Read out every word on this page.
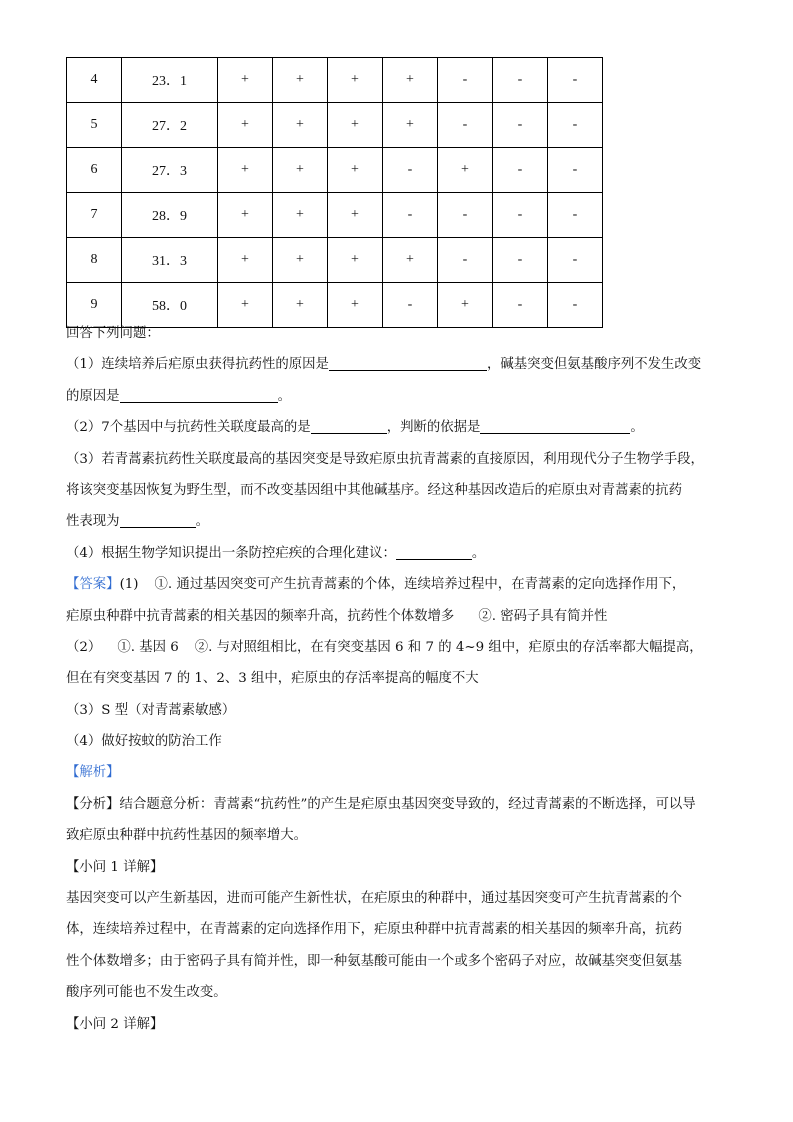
4	23．1	+	+	+	+	-	-	-
5	27．2	+	+	+	+	-	-	-
6	27．3	+	+	+	-	+	-	-
7	28．9	+	+	+	-	-	-	-
8	31．3	+	+	+	+	-	-	-
9	58．0	+	+	+	-	+	-	-
回答下列问题：
（1）连续培养后疟原虫获得抗药性的原因是	，碱基突变但氨基酸序列不发生改变
的原因是	。
（2）7个基因中与抗药性关联度最高的是	，判断的依据是	。
（3）若青蒿素抗药性关联度最高的基因突变是导致疟原虫抗青蒿素的直接原因，利用现代分子生物学手段，
将该突变基因恢复为野生型，而不改变基因组中其他碱基序。经这种基因改造后的疟原虫对青蒿素的抗药
性表现为	。
（4）根据生物学知识提出一条防控疟疾的合理化建议：	。
【答案】(1) ①. 通过基因突变可产生抗青蒿素的个体，连续培养过程中，在青蒿素的定向选择作用下，
疟原虫种群中抗青蒿素的相关基因的频率升高，抗药性个体数增多 ②. 密码子具有简并性
（2） ①. 基因 6 ②. 与对照组相比，在有突变基因 6 和 7 的 4~9 组中，疟原虫的存活率都大幅提高，
但在有突变基因 7 的 1、2、3 组中，疟原虫的存活率提高的幅度不大
（3）S 型（对青蒿素敏感）
（4）做好按蚊的防治工作
【解析】
【分析】结合题意分析：青蒿素“抗药性”的产生是疟原虫基因突变导致的，经过青蒿素的不断选择，可以导
致疟原虫种群中抗药性基因的频率增大。
【小问 1 详解】
基因突变可以产生新基因，进而可能产生新性状，在疟原虫的种群中，通过基因突变可产生抗青蒿素的个
体，连续培养过程中，在青蒿素的定向选择作用下，疟原虫种群中抗青蒿素的相关基因的频率升高，抗药
性个体数增多；由于密码子具有简并性，即一种氨基酸可能由一个或多个密码子对应，故碱基突变但氨基
酸序列可能也不发生改变。
【小问 2 详解】
